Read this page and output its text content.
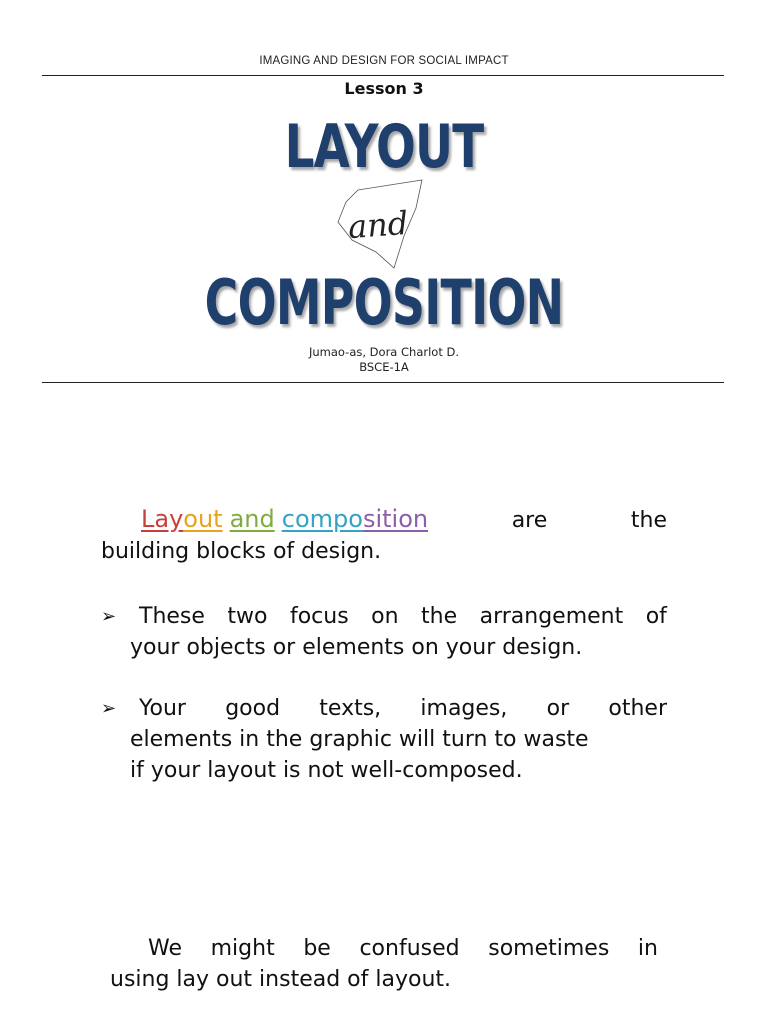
IMAGING AND DESIGN FOR SOCIAL IMPACT
Lesson 3
LAYOUT
and
COMPOSITION
Jumao-as, Dora Charlot D.
BSCE-1A
Layout and composition	are	the
building blocks of design.
➢	These two focus on the arrangement of
your objects or elements on your design.
➢	Your good texts, images, or other
elements in the graphic will turn to waste
if your layout is not well-composed.
We might be confused sometimes in
using lay out instead of layout.
